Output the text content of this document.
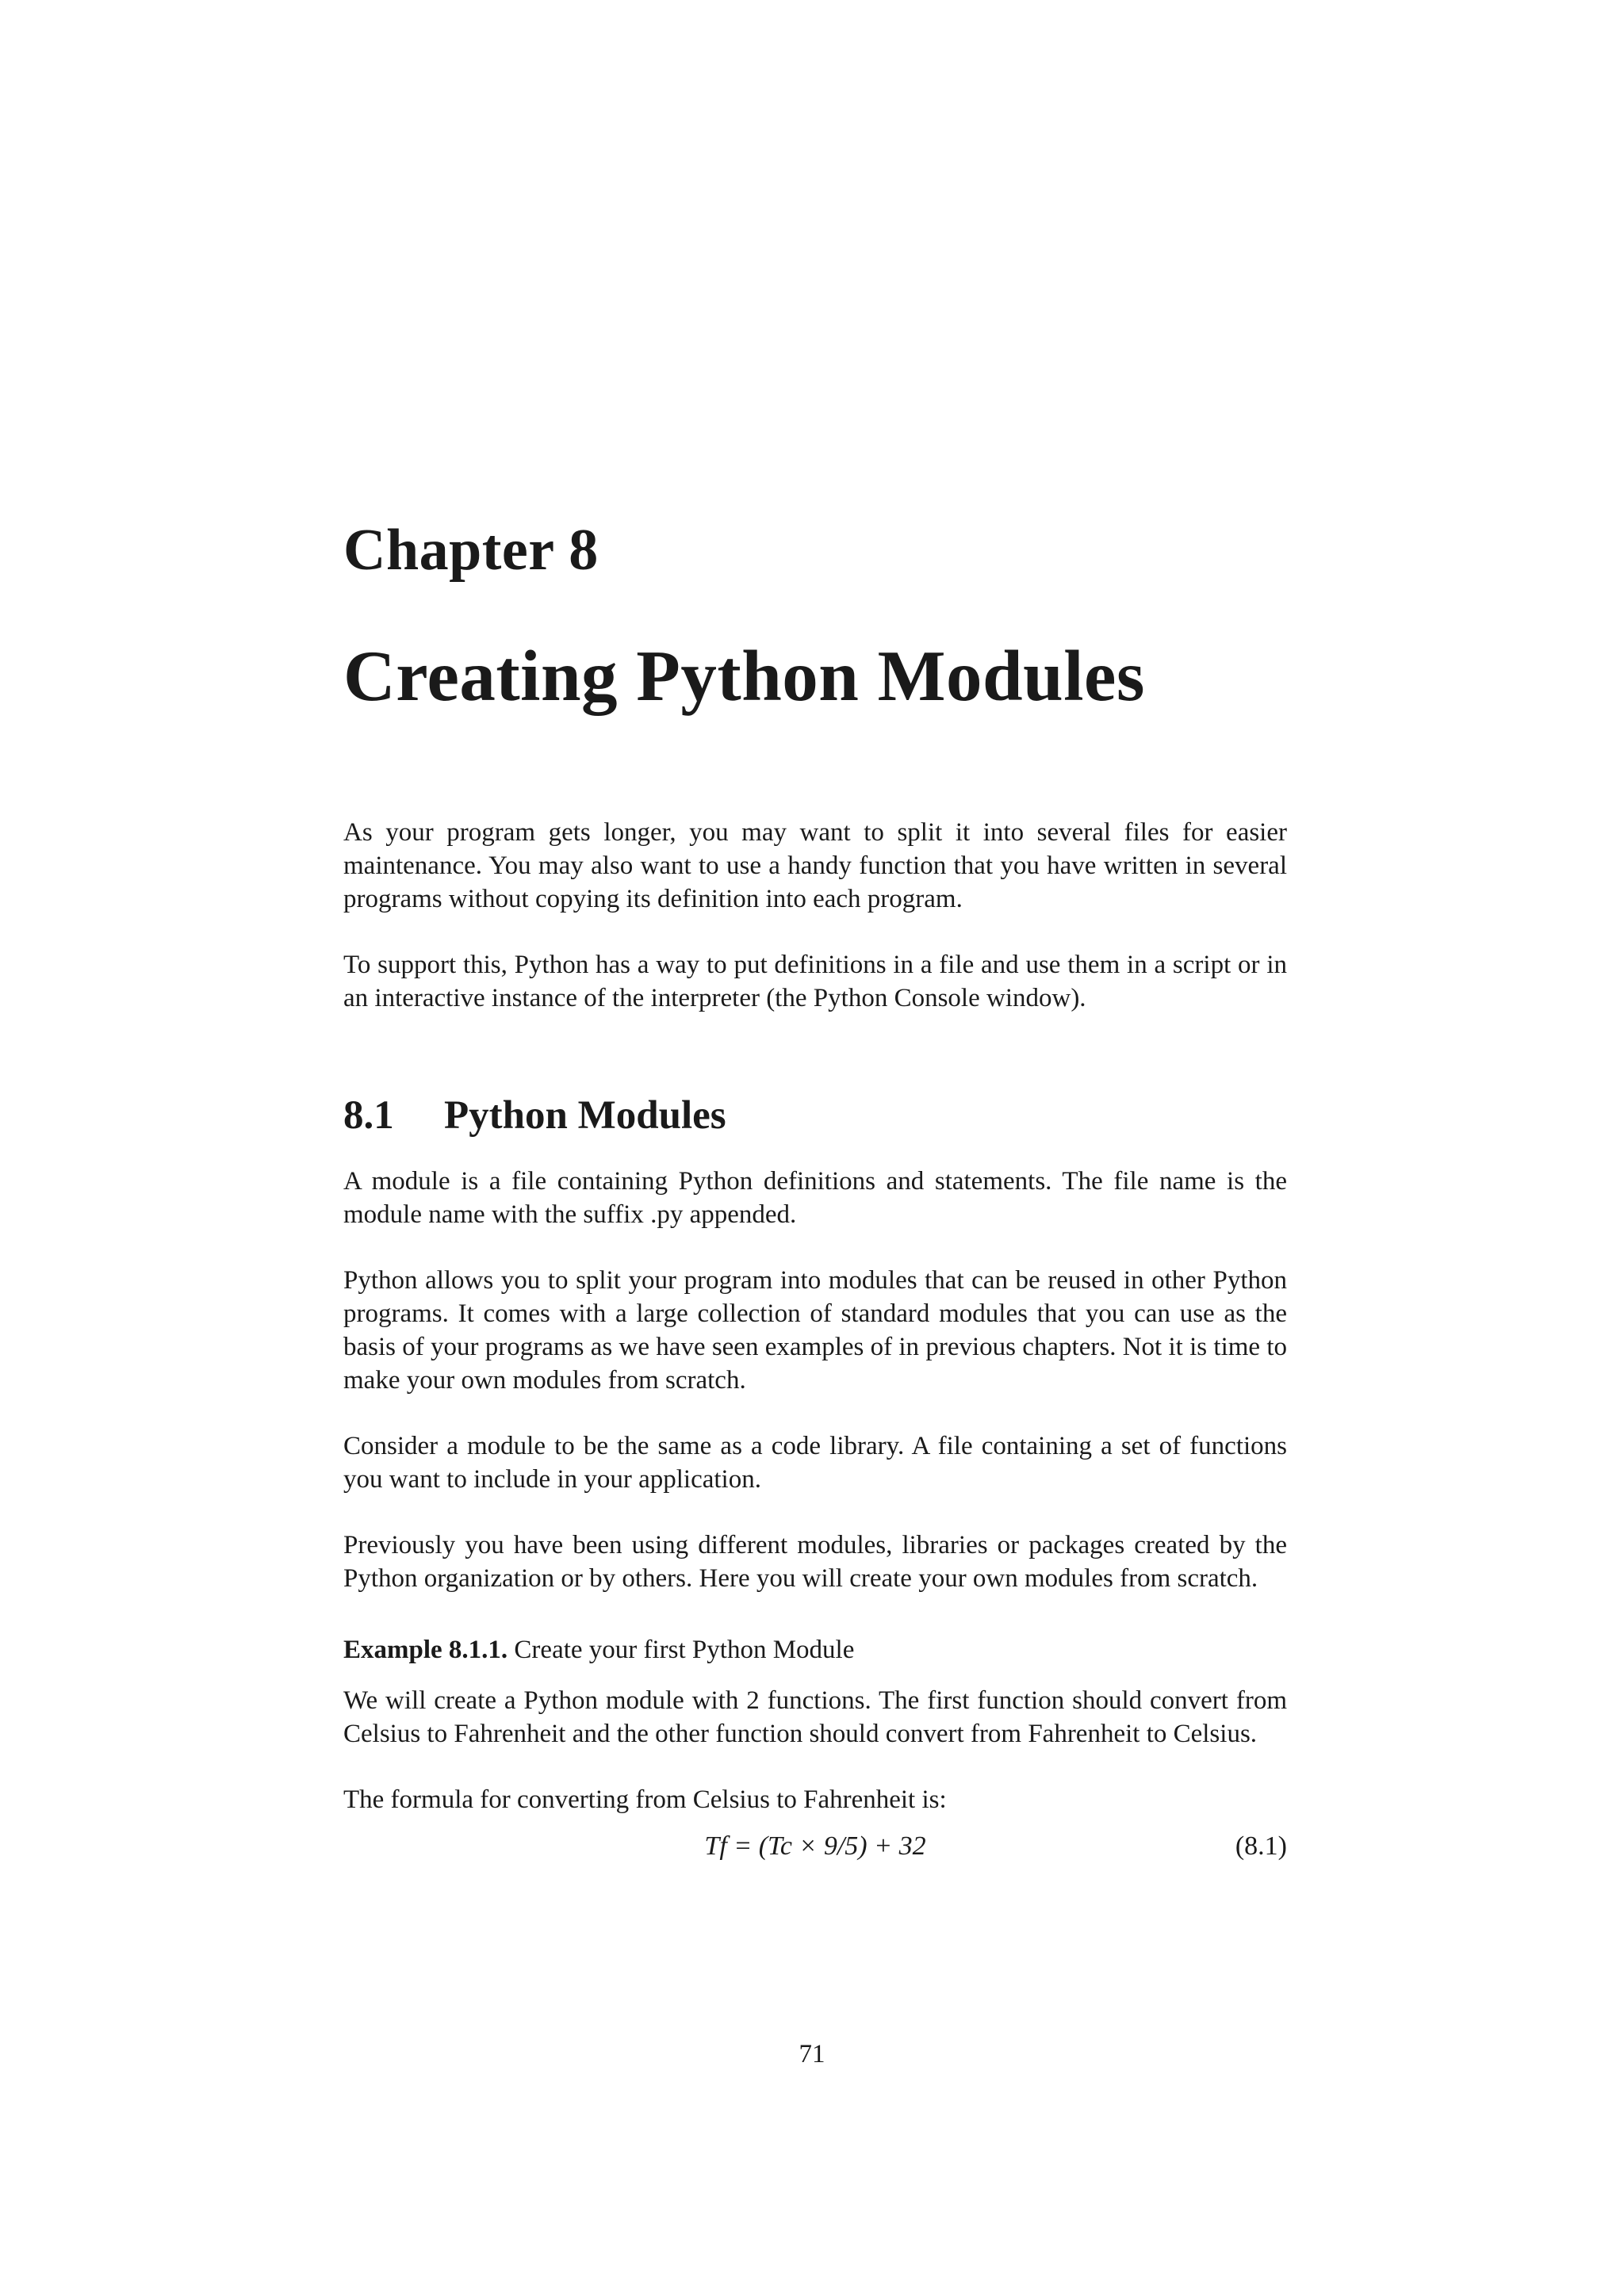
Chapter 8
Creating Python Modules

As your program gets longer, you may want to split it into several files for easier maintenance. You may also want to use a handy function that you have written in several programs without copying its definition into each program.

To support this, Python has a way to put definitions in a file and use them in a script or in an interactive instance of the interpreter (the Python Console window).

8.1 Python Modules

A module is a file containing Python definitions and statements. The file name is the module name with the suffix .py appended.

Python allows you to split your program into modules that can be reused in other Python programs. It comes with a large collection of standard modules that you can use as the basis of your programs as we have seen examples of in previous chapters. Not it is time to make your own modules from scratch.

Consider a module to be the same as a code library. A file containing a set of functions you want to include in your application.

Previously you have been using different modules, libraries or packages created by the Python organization or by others. Here you will create your own modules from scratch.

Example 8.1.1. Create your first Python Module

We will create a Python module with 2 functions. The first function should convert from Celsius to Fahrenheit and the other function should convert from Fahrenheit to Celsius.

The formula for converting from Celsius to Fahrenheit is:

Tf = (Tc × 9/5) + 32	(8.1)
71
